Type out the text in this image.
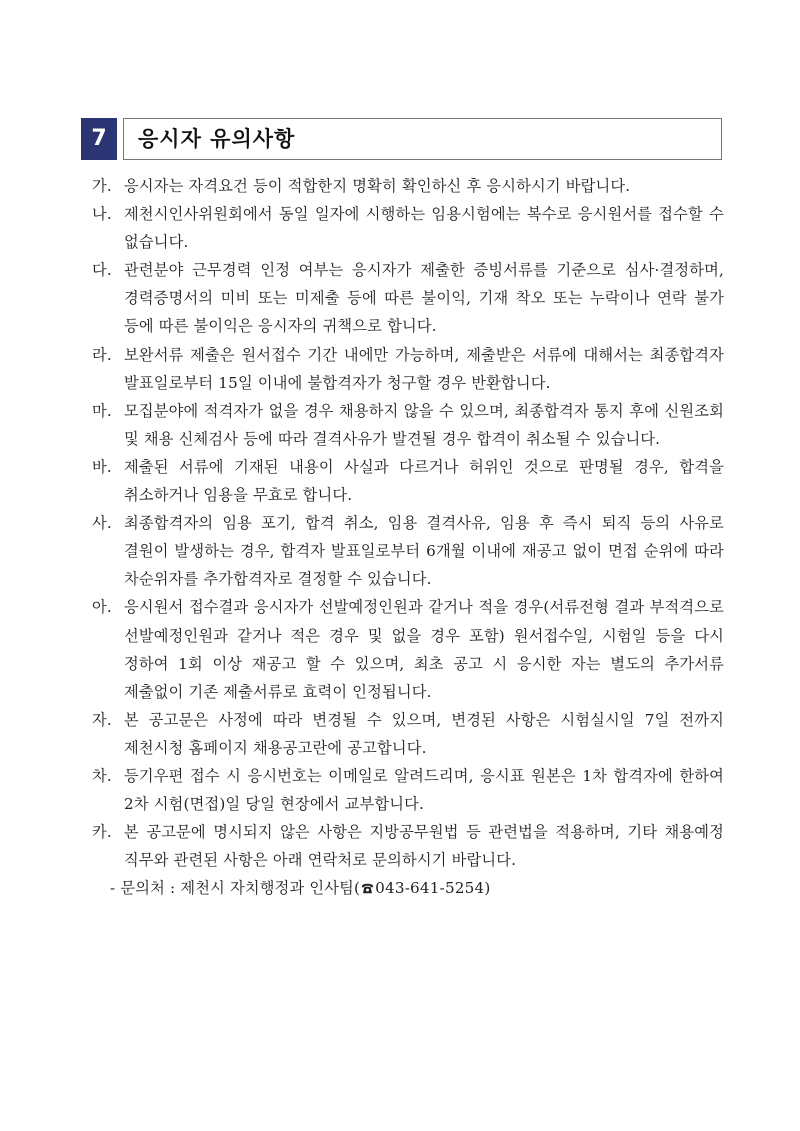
7	응시자 유의사항
가. 응시자는 자격요건 등이 적합한지 명확히 확인하신 후 응시하시기 바랍니다.
나. 제천시인사위원회에서 동일 일자에 시행하는 임용시험에는 복수로 응시원서를 접수할 수 없습니다.
다. 관련분야 근무경력 인정 여부는 응시자가 제출한 증빙서류를 기준으로 심사·결정하며, 경력증명서의 미비 또는 미제출 등에 따른 불이익, 기재 착오 또는 누락이나 연락 불가 등에 따른 불이익은 응시자의 귀책으로 합니다.
라. 보완서류 제출은 원서접수 기간 내에만 가능하며, 제출받은 서류에 대해서는 최종합격자 발표일로부터 15일 이내에 불합격자가 청구할 경우 반환합니다.
마. 모집분야에 적격자가 없을 경우 채용하지 않을 수 있으며, 최종합격자 통지 후에 신원조회 및 채용 신체검사 등에 따라 결격사유가 발견될 경우 합격이 취소될 수 있습니다.
바. 제출된 서류에 기재된 내용이 사실과 다르거나 허위인 것으로 판명될 경우, 합격을 취소하거나 임용을 무효로 합니다.
사. 최종합격자의 임용 포기, 합격 취소, 임용 결격사유, 임용 후 즉시 퇴직 등의 사유로 결원이 발생하는 경우, 합격자 발표일로부터 6개월 이내에 재공고 없이 면접 순위에 따라 차순위자를 추가합격자로 결정할 수 있습니다.
아. 응시원서 접수결과 응시자가 선발예정인원과 같거나 적을 경우(서류전형 결과 부적격으로 선발예정인원과 같거나 적은 경우 및 없을 경우 포함) 원서접수일, 시험일 등을 다시 정하여 1회 이상 재공고 할 수 있으며, 최초 공고 시 응시한 자는 별도의 추가서류 제출없이 기존 제출서류로 효력이 인정됩니다.
자. 본 공고문은 사정에 따라 변경될 수 있으며, 변경된 사항은 시험실시일 7일 전까지 제천시청 홈페이지 채용공고란에 공고합니다.
차. 등기우편 접수 시 응시번호는 이메일로 알려드리며, 응시표 원본은 1차 합격자에 한하여 2차 시험(면접)일 당일 현장에서 교부합니다.
카. 본 공고문에 명시되지 않은 사항은 지방공무원법 등 관련법을 적용하며, 기타 채용예정 직무와 관련된 사항은 아래 연락처로 문의하시기 바랍니다.
- 문의처 : 제천시 자치행정과 인사팀( 043-641-5254)
